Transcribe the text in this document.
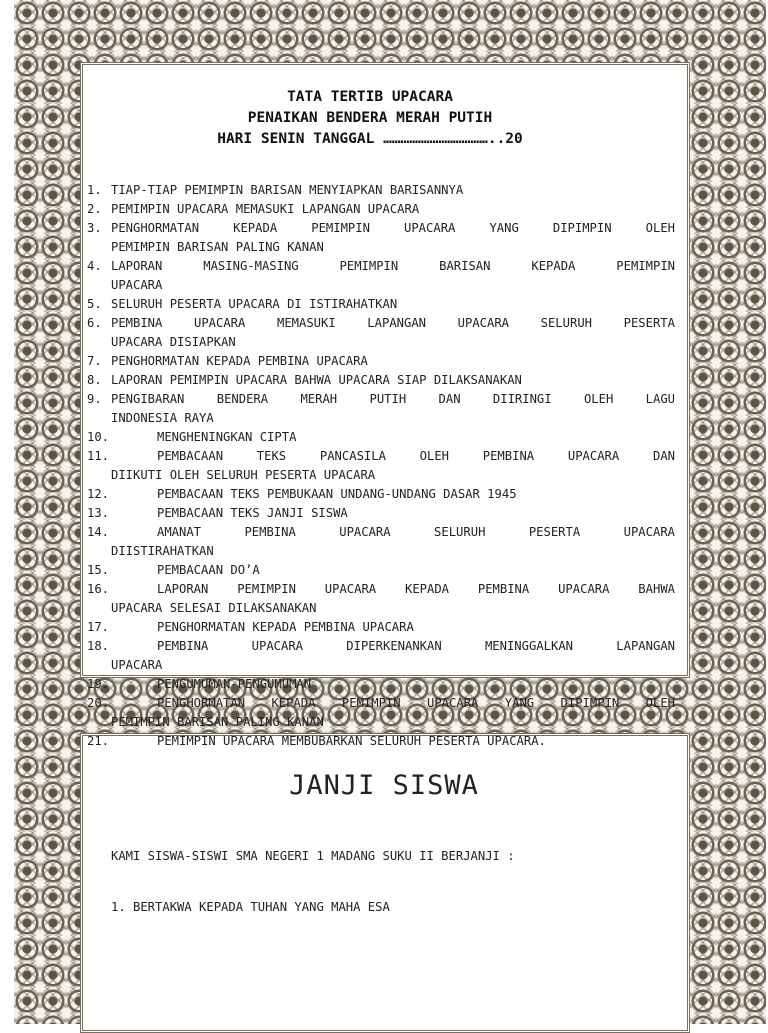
TATA TERTIB UPACARA
PENAIKAN BENDERA MERAH PUTIH
HARI SENIN TANGGAL ………………………………..20
1. TIAP-TIAP PEMIMPIN BARISAN MENYIAPKAN BARISANNYA
2. PEMIMPIN UPACARA MEMASUKI LAPANGAN UPACARA
3. PENGHORMATAN KEPADA PEMIMPIN UPACARA YANG DIPIMPIN OLEH
PEMIMPIN BARISAN PALING KANAN
4. LAPORAN MASING-MASING PEMIMPIN BARISAN KEPADA PEMIMPIN
UPACARA
5. SELURUH PESERTA UPACARA DI ISTIRAHATKAN
6. PEMBINA UPACARA MEMASUKI LAPANGAN UPACARA SELURUH PESERTA
UPACARA DISIAPKAN
7. PENGHORMATAN KEPADA PEMBINA UPACARA
8. LAPORAN PEMIMPIN UPACARA BAHWA UPACARA SIAP DILAKSANAKAN
9. PENGIBARAN BENDERA MERAH PUTIH DAN DIIRINGI OLEH LAGU
INDONESIA RAYA
10.	MENGHENINGKAN CIPTA
11.	PEMBACAAN TEKS PANCASILA OLEH PEMBINA UPACARA DAN
DIIKUTI OLEH SELURUH PESERTA UPACARA
12.	PEMBACAAN TEKS PEMBUKAAN UNDANG-UNDANG DASAR 1945
13.	PEMBACAAN TEKS JANJI SISWA
14.	AMANAT PEMBINA UPACARA SELURUH PESERTA UPACARA
DIISTIRAHATKAN
15.	PEMBACAAN DO’A
16.	LAPORAN PEMIMPIN UPACARA KEPADA PEMBINA UPACARA BAHWA
UPACARA SELESAI DILAKSANAKAN
17.	PENGHORMATAN KEPADA PEMBINA UPACARA
18.	PEMBINA UPACARA DIPERKENANKAN MENINGGALKAN LAPANGAN
UPACARA
19.	PENGUMUMAN-PENGUMUMAN
20.	PENGHORMATAN KEPADA PEMIMPIN UPACARA YANG DIPIMPIN OLEH
PEMIMPIN BARISAN PALING KANAN
21.	PEMIMPIN UPACARA MEMBUBARKAN SELURUH PESERTA UPACARA.
JANJI SISWA
KAMI SISWA-SISWI SMA NEGERI 1 MADANG SUKU II BERJANJI :
1. BERTAKWA KEPADA TUHAN YANG MAHA ESA
